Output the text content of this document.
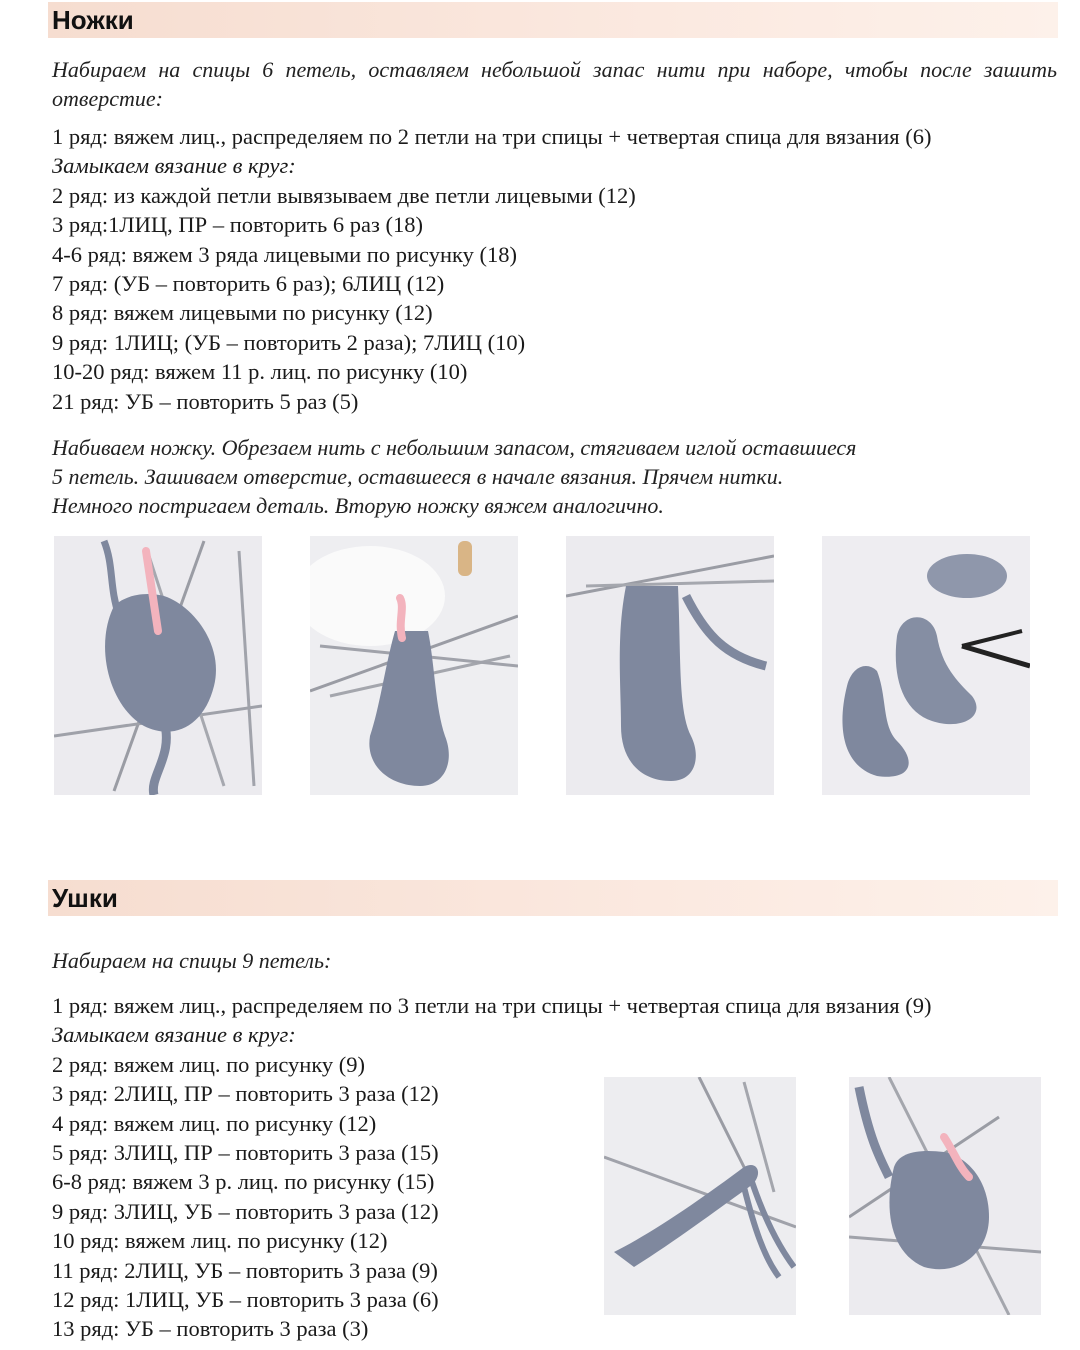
Ножки

Набираем на спицы 6 петель, оставляем небольшой запас нити при наборе, чтобы после зашить отверстие:

1 ряд: вяжем лиц., распределяем по 2 петли на три спицы + четвертая спица для вязания (6)
Замыкаем вязание в круг:
2 ряд: из каждой петли вывязываем две петли лицевыми (12)
3 ряд:1ЛИЦ, ПР – повторить 6 раз (18)
4-6 ряд: вяжем 3 ряда лицевыми по рисунку (18)
7 ряд: (УБ – повторить 6 раз); 6ЛИЦ (12)
8 ряд: вяжем лицевыми по рисунку (12)
9 ряд: 1ЛИЦ; (УБ – повторить 2 раза); 7ЛИЦ (10)
10-20 ряд: вяжем 11 р. лиц. по рисунку (10)
21 ряд: УБ – повторить 5 раз (5)
Набиваем ножку. Обрезаем нить с небольшим запасом, стягиваем иглой оставшиеся
5 петель. Зашиваем отверстие, оставшееся в начале вязания. Прячем нитки.
Немного постригаем деталь. Вторую ножку вяжем аналогично.
Ушки

Набираем на спицы 9 петель:

1 ряд: вяжем лиц., распределяем по 3 петли на три спицы + четвертая спица для вязания (9)
Замыкаем вязание в круг:
2 ряд: вяжем лиц. по рисунку (9)
3 ряд: 2ЛИЦ, ПР – повторить 3 раза (12)
4 ряд: вяжем лиц. по рисунку (12)
5 ряд: 3ЛИЦ, ПР – повторить 3 раза (15)
6-8 ряд: вяжем 3 р. лиц. по рисунку (15)
9 ряд: 3ЛИЦ, УБ – повторить 3 раза (12)
10 ряд: вяжем лиц. по рисунку (12)
11 ряд: 2ЛИЦ, УБ – повторить 3 раза (9)
12 ряд: 1ЛИЦ, УБ – повторить 3 раза (6)
13 ряд: УБ – повторить 3 раза (3)
